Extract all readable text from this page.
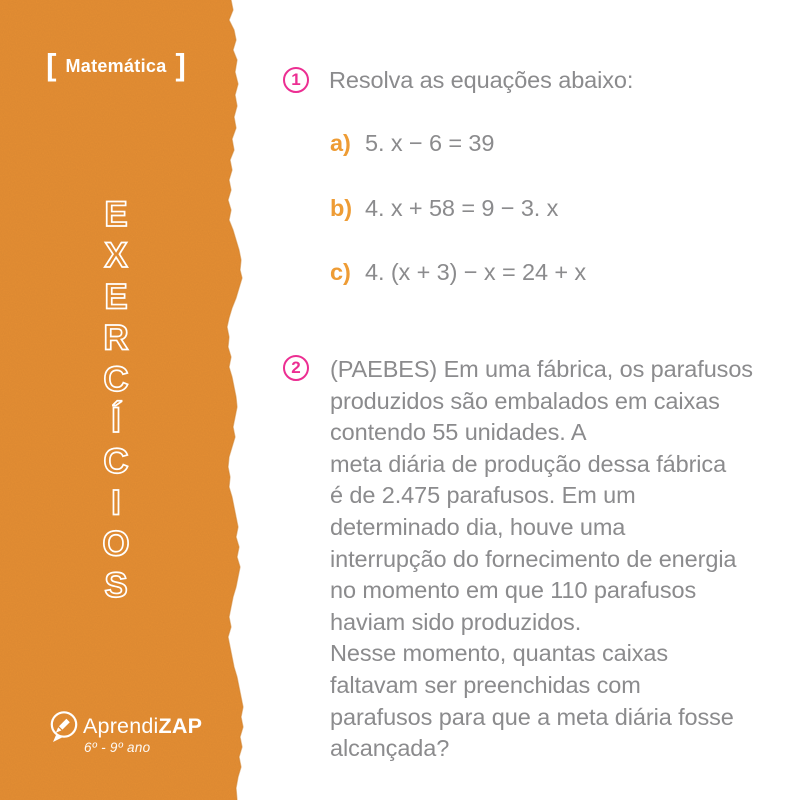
[ Matemática ]
E
X
E
R
C
Í
C
I
O
S
AprendiZAP
6º - 9º ano
1	Resolva as equações abaixo:
a) 5. x − 6 = 39
b) 4. x + 58 = 9 − 3. x
c) 4. (x + 3) − x = 24 + x
2	(PAEBES) Em uma fábrica, os parafusos
produzidos são embalados em caixas
contendo 55 unidades. A
meta diária de produção dessa fábrica
é de 2.475 parafusos. Em um
determinado dia, houve uma
interrupção do fornecimento de energia
no momento em que 110 parafusos
haviam sido produzidos.
Nesse momento, quantas caixas
faltavam ser preenchidas com
parafusos para que a meta diária fosse
alcançada?
